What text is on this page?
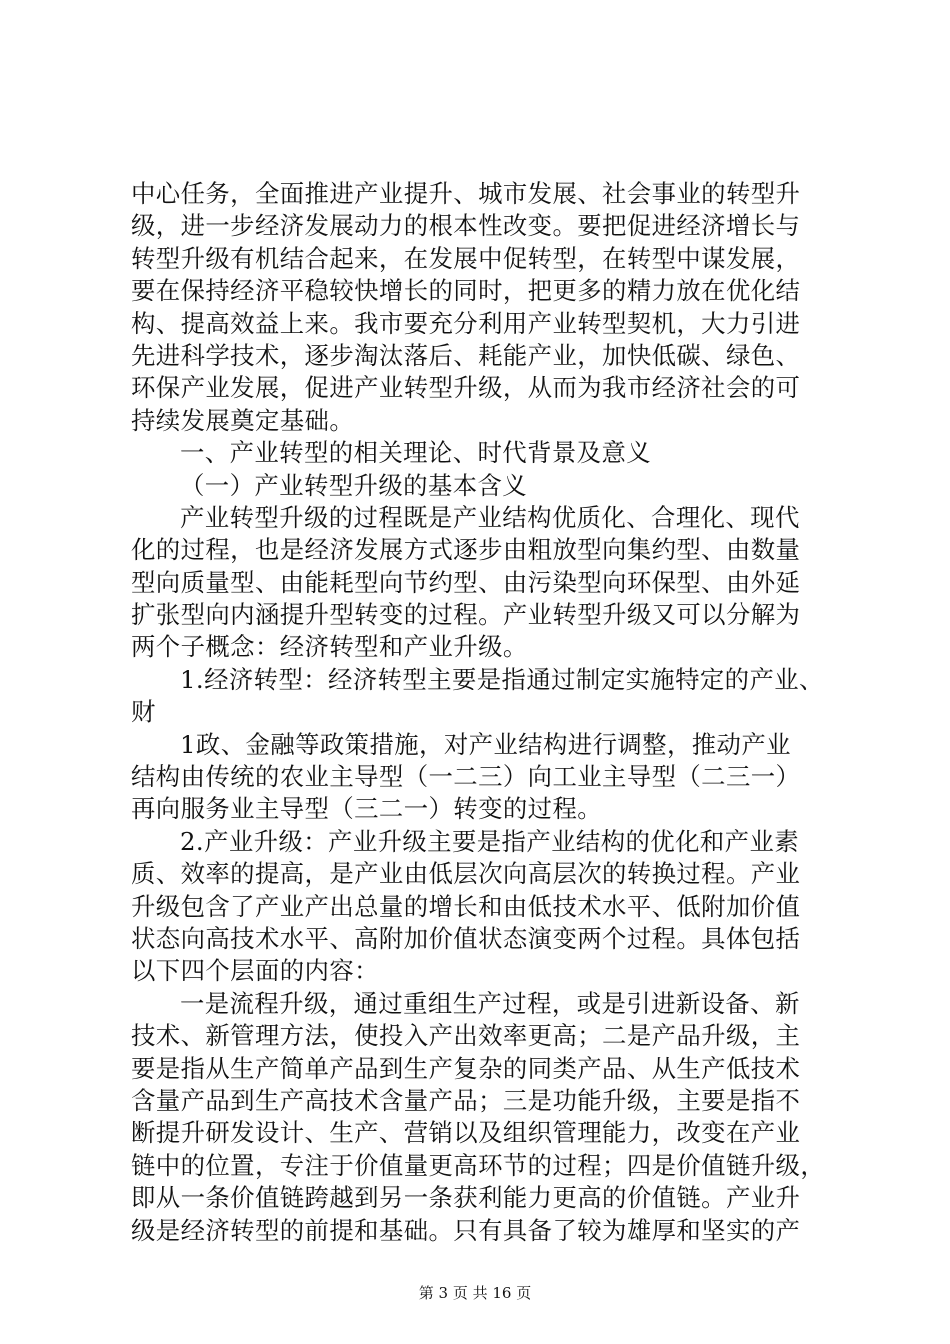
中心任务，全面推进产业提升、城市发展、社会事业的转型升
级，进一步经济发展动力的根本性改变。要把促进经济增长与
转型升级有机结合起来，在发展中促转型，在转型中谋发展，
要在保持经济平稳较快增长的同时，把更多的精力放在优化结
构、提高效益上来。我市要充分利用产业转型契机，大力引进
先进科学技术，逐步淘汰落后、耗能产业，加快低碳、绿色、
环保产业发展，促进产业转型升级，从而为我市经济社会的可
持续发展奠定基础。
一、产业转型的相关理论、时代背景及意义
（一）产业转型升级的基本含义
产业转型升级的过程既是产业结构优质化、合理化、现代
化的过程，也是经济发展方式逐步由粗放型向集约型、由数量
型向质量型、由能耗型向节约型、由污染型向环保型、由外延
扩张型向内涵提升型转变的过程。产业转型升级又可以分解为
两个子概念：经济转型和产业升级。
1.经济转型：经济转型主要是指通过制定实施特定的产业、
财
1政、金融等政策措施，对产业结构进行调整，推动产业
结构由传统的农业主导型（一二三）向工业主导型（二三一）
再向服务业主导型（三二一）转变的过程。
2.产业升级：产业升级主要是指产业结构的优化和产业素
质、效率的提高，是产业由低层次向高层次的转换过程。产业
升级包含了产业产出总量的增长和由低技术水平、低附加价值
状态向高技术水平、高附加价值状态演变两个过程。具体包括
以下四个层面的内容：
一是流程升级，通过重组生产过程，或是引进新设备、新
技术、新管理方法，使投入产出效率更高；二是产品升级，主
要是指从生产简单产品到生产复杂的同类产品、从生产低技术
含量产品到生产高技术含量产品；三是功能升级，主要是指不
断提升研发设计、生产、营销以及组织管理能力，改变在产业
链中的位置，专注于价值量更高环节的过程；四是价值链升级，
即从一条价值链跨越到另一条获利能力更高的价值链。产业升
级是经济转型的前提和基础。只有具备了较为雄厚和坚实的产
第 3 页 共 16 页
